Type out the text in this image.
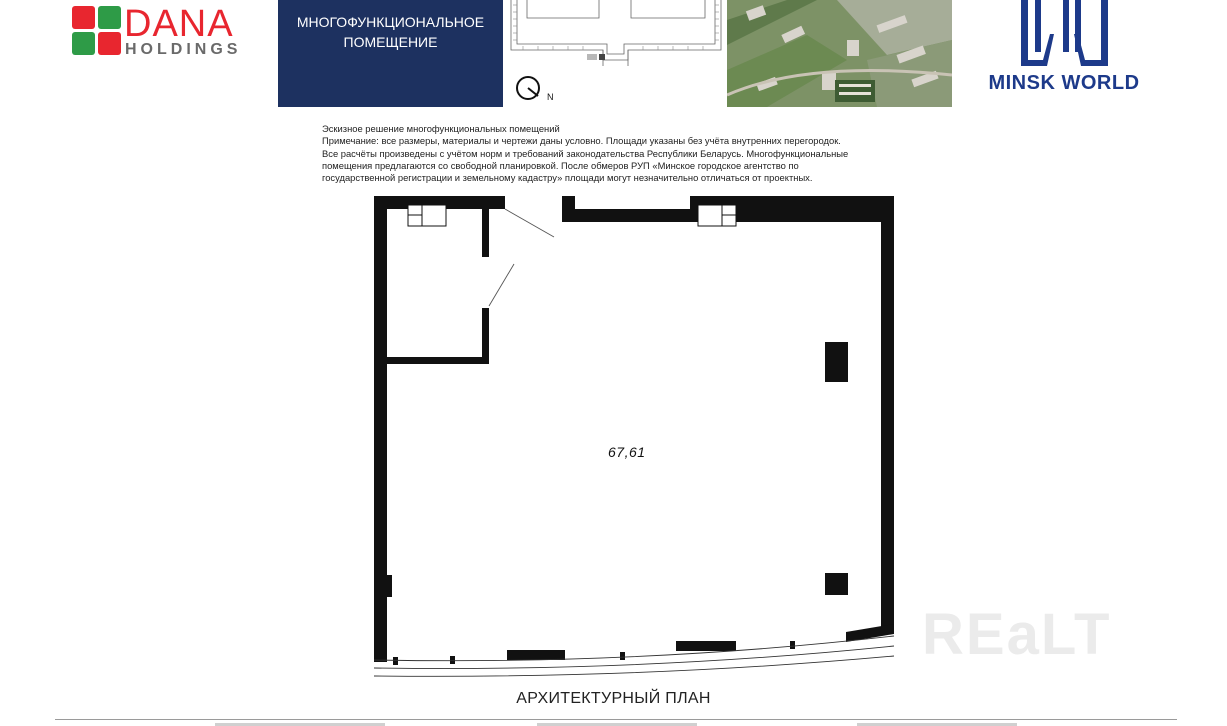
DANA
HOLDINGS
МНОГОФУНКЦИОНАЛЬНОЕ ПОМЕЩЕНИЕ
N
MINSK WORLD
Эскизное решение многофункциональных помещений
Примечание: все размеры, материалы и чертежи даны условно. Площади указаны без учёта внутренних перегородок.
Все расчёты произведены с учётом норм и требований законодательства Республики Беларусь. Многофункциональные
помещения предлагаются со свободной планировкой. После обмеров РУП «Минское городское агентство по
государственной регистрации и земельному кадастру» площади могут незначительно отличаться от проектных.
67,61
АРХИТЕКТУРНЫЙ ПЛАН
REaLT
